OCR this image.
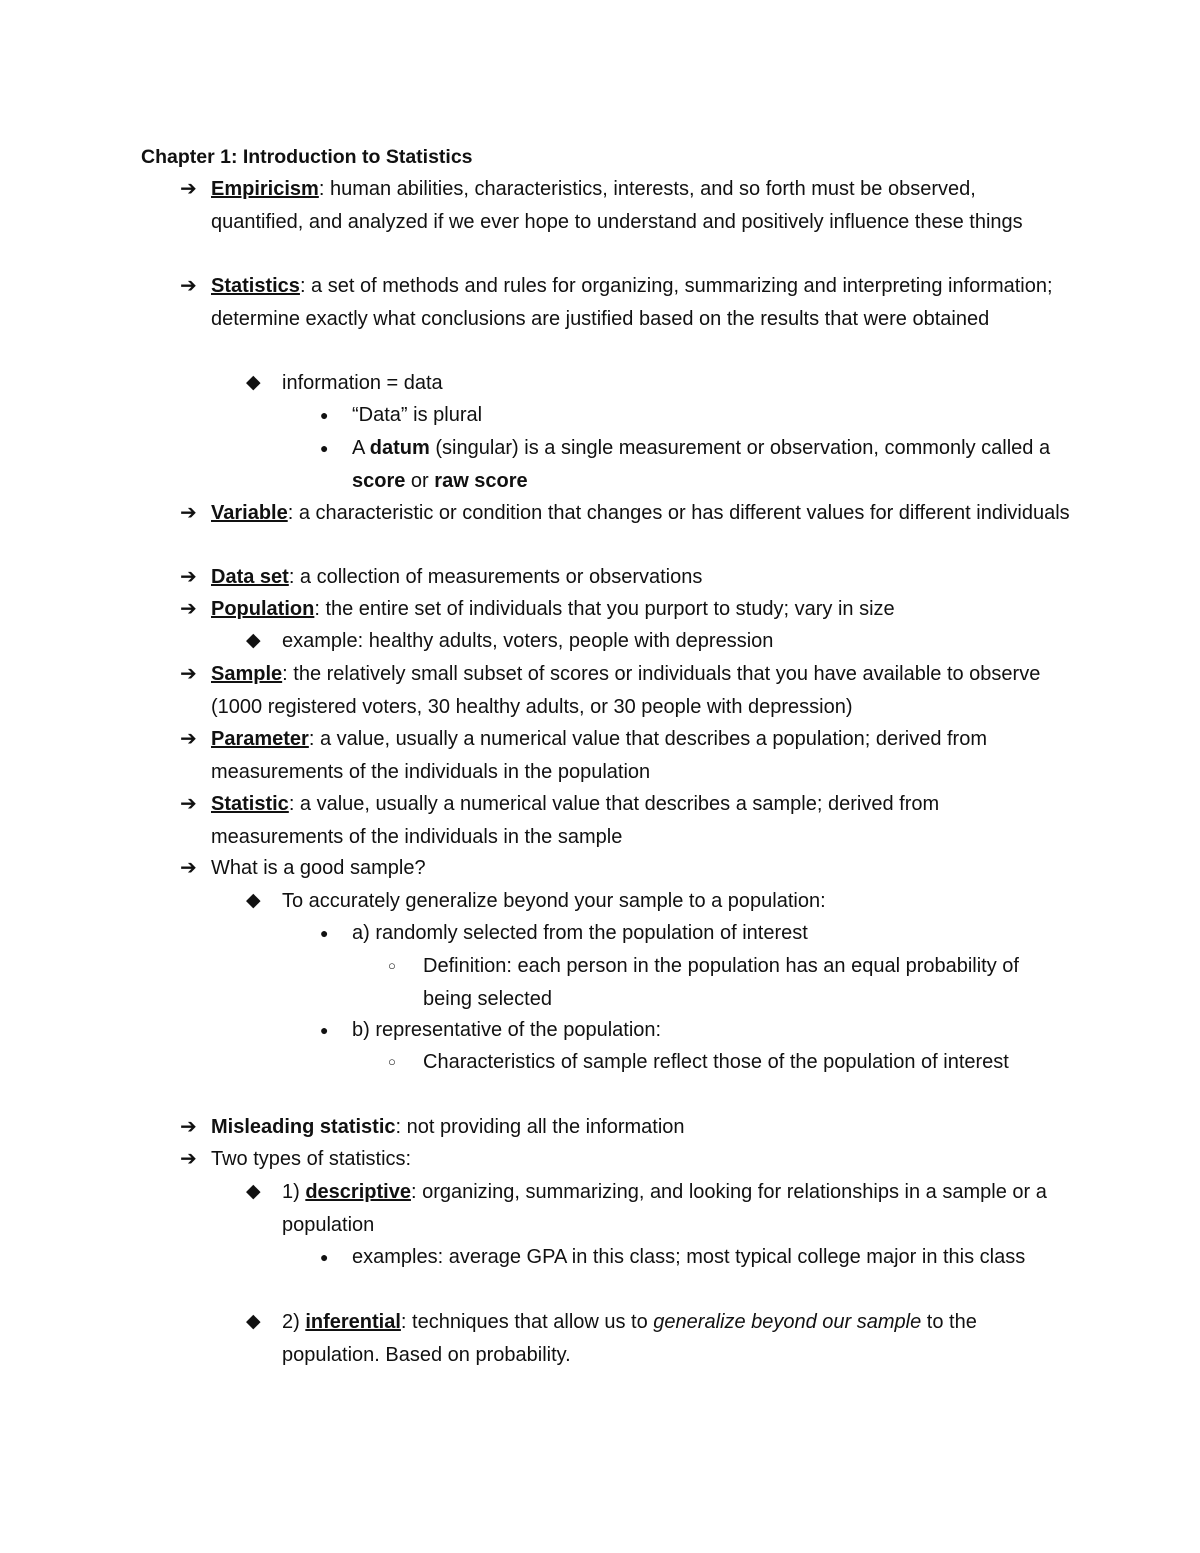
Chapter 1: Introduction to Statistics
➔ Empiricism: human abilities, characteristics, interests, and so forth must be observed, quantified, and analyzed if we ever hope to understand and positively influence these things
➔ Statistics: a set of methods and rules for organizing, summarizing and interpreting information; determine exactly what conclusions are justified based on the results that were obtained
◆ information = data
● “Data” is plural
● A datum (singular) is a single measurement or observation, commonly called a score or raw score
➔ Variable: a characteristic or condition that changes or has different values for different individuals
➔ Data set: a collection of measurements or observations
➔ Population: the entire set of individuals that you purport to study; vary in size
◆ example: healthy adults, voters, people with depression
➔ Sample: the relatively small subset of scores or individuals that you have available to observe (1000 registered voters, 30 healthy adults, or 30 people with depression)
➔ Parameter: a value, usually a numerical value that describes a population; derived from measurements of the individuals in the population
➔ Statistic: a value, usually a numerical value that describes a sample; derived from measurements of the individuals in the sample
➔ What is a good sample?
◆ To accurately generalize beyond your sample to a population:
● a) randomly selected from the population of interest
○ Definition: each person in the population has an equal probability of being selected
● b) representative of the population:
○ Characteristics of sample reflect those of the population of interest
➔ Misleading statistic: not providing all the information
➔ Two types of statistics:
◆ 1) descriptive: organizing, summarizing, and looking for relationships in a sample or a population
● examples: average GPA in this class; most typical college major in this class
◆ 2) inferential: techniques that allow us to generalize beyond our sample to the population. Based on probability.
